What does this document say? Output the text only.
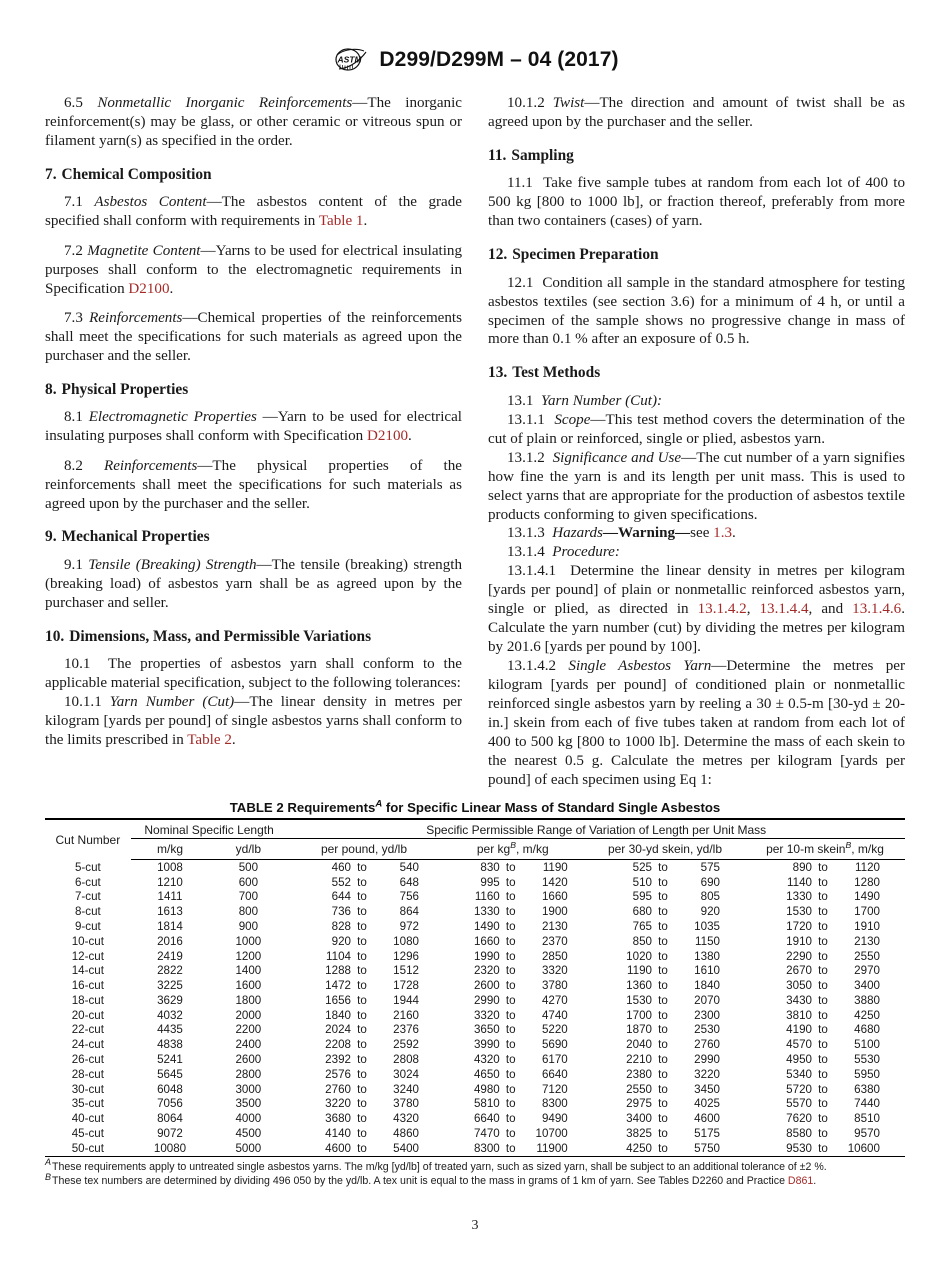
ASTM D299/D299M – 04 (2017)

6.5 Nonmetallic Inorganic Reinforcements—The inorganic reinforcement(s) may be glass, or other ceramic or vitreous spun or filament yarn(s) as specified in the order.

7. Chemical Composition

7.1 Asbestos Content—The asbestos content of the grade specified shall conform with requirements in Table 1.

7.2 Magnetite Content—Yarns to be used for electrical insulating purposes shall conform to the electromagnetic requirements in Specification D2100.

7.3 Reinforcements—Chemical properties of the reinforcements shall meet the specifications for such materials as agreed upon the purchaser and the seller.

8. Physical Properties

8.1 Electromagnetic Properties —Yarn to be used for electrical insulating purposes shall conform with Specification D2100.

8.2 Reinforcements—The physical properties of the reinforcements shall meet the specifications for such materials as agreed upon by the purchaser and the seller.

9. Mechanical Properties

9.1 Tensile (Breaking) Strength—The tensile (breaking) strength (breaking load) of asbestos yarn shall be as agreed upon by the purchaser and seller.

10. Dimensions, Mass, and Permissible Variations

10.1 The properties of asbestos yarn shall conform to the applicable material specification, subject to the following tolerances:

10.1.1 Yarn Number (Cut)—The linear density in metres per kilogram [yards per pound] of single asbestos yarns shall conform to the limits prescribed in Table 2.

10.1.2 Twist—The direction and amount of twist shall be as agreed upon by the purchaser and the seller.

11. Sampling

11.1 Take five sample tubes at random from each lot of 400 to 500 kg [800 to 1000 lb], or fraction thereof, preferably from more than two containers (cases) of yarn.

12. Specimen Preparation

12.1 Condition all sample in the standard atmosphere for testing asbestos textiles (see section 3.6) for a minimum of 4 h, or until a specimen of the sample shows no progressive change in mass of more than 0.1 % after an exposure of 0.5 h.

13. Test Methods

13.1 Yarn Number (Cut):

13.1.1 Scope—This test method covers the determination of the cut of plain or reinforced, single or plied, asbestos yarn.

13.1.2 Significance and Use—The cut number of a yarn signifies how fine the yarn is and its length per unit mass. This is used to select yarns that are appropriate for the production of asbestos textile products conforming to given specifications.

13.1.3 Hazards—Warning—see 1.3.

13.1.4 Procedure:

13.1.4.1 Determine the linear density in metres per kilogram [yards per pound] of plain or nonmetallic reinforced asbestos yarn, single or plied, as directed in 13.1.4.2, 13.1.4.4, and 13.1.4.6. Calculate the yarn number (cut) by dividing the metres per kilogram by 201.6 [yards per pound by 100].

13.1.4.2 Single Asbestos Yarn—Determine the metres per kilogram [yards per pound] of conditioned plain or nonmetallic reinforced single asbestos yarn by reeling a 30 ± 0.5-m [30-yd ± 20-in.] skein from each of five tubes taken at random from each lot of 400 to 500 kg [800 to 1000 lb]. Determine the mass of each skein to the nearest 0.5 g. Calculate the metres per kilogram [yards per pound] of each specimen using Eq 1:

TABLE 2 Requirements$^A$ for Specific Linear Mass of Standard Single Asbestos

Cut Number	Nominal Specific Length		Specific Permissible Range of Variation of Length per Unit Mass			
	m/kg	yd/lb	per pound, yd/lb	per $kg^B$, m/kg	per 30-yd skein, yd/lb	per 10-m skein$^B$, m/kg
5-cut	1008	500	460 to 540	830 to 1190	525 to 575	890 to 1120

6-cut	1210	600	552 to 648	995 to 1420	510 to 690	1140 to 1280

7-cut	1411	700	644 to 756	1160 to 1660	595 to 805	1330 to 1490

8-cut	1613	800	736 to 864	1330 to 1900	680 to 920	1530 to 1700

9-cut	1814	900	828 to 972	1490 to 2130	765 to 1035	1720 to 1910

10-cut	2016	1000	920 to 1080	1660 to 2370	850 to 1150	1910 to 2130

12-cut	2419	1200	1104 to 1296	1990 to 2850	1020 to 1380	2290 to 2550

14-cut	2822	1400	1288 to 1512	2320 to 3320	1190 to 1610	2670 to 2970

16-cut	3225	1600	1472 to 1728	2600 to 3780	1360 to 1840	3050 to 3400

18-cut	3629	1800	1656 to 1944	2990 to 4270	1530 to 2070	3430 to 3880

20-cut	4032	2000	1840 to 2160	3320 to 4740	1700 to 2300	3810 to 4250

22-cut	4435	2200	2024 to 2376	3650 to 5220	1870 to 2530	4190 to 4680

24-cut	4838	2400	2208 to 2592	3990 to 5690	2040 to 2760	4570 to 5100

26-cut	5241	2600	2392 to 2808	4320 to 6170	2210 to 2990	4950 to 5530

28-cut	5645	2800	2576 to 3024	4650 to 6640	2380 to 3220	5340 to 5950

30-cut	6048	3000	2760 to 3240	4980 to 7120	2550 to 3450	5720 to 6380

35-cut	7056	3500	3220 to 3780	5810 to 8300	2975 to 4025	5570 to 7440

40-cut	8064	4000	3680 to 4320	6640 to 9490	3400 to 4600	7620 to 8510

45-cut	9072	4500	4140 to 4860	7470 to 10700	3825 to 5175	8580 to 9570

50-cut	10080	5000	4600 to 5400	8300 to 11900	4250 to 5750	9530 to 10600

$^A$These requirements apply to untreated single asbestos yarns. The m/kg [yd/lb] of treated yarn, such as sized yarn, shall be subject to an additional tolerance of ±2 %.
$^B$These tex numbers are determined by dividing 496 050 by the yd/lb. A tex unit is equal to the mass in grams of 1 km of yarn. See Tables D2260 and Practice D861.
3
